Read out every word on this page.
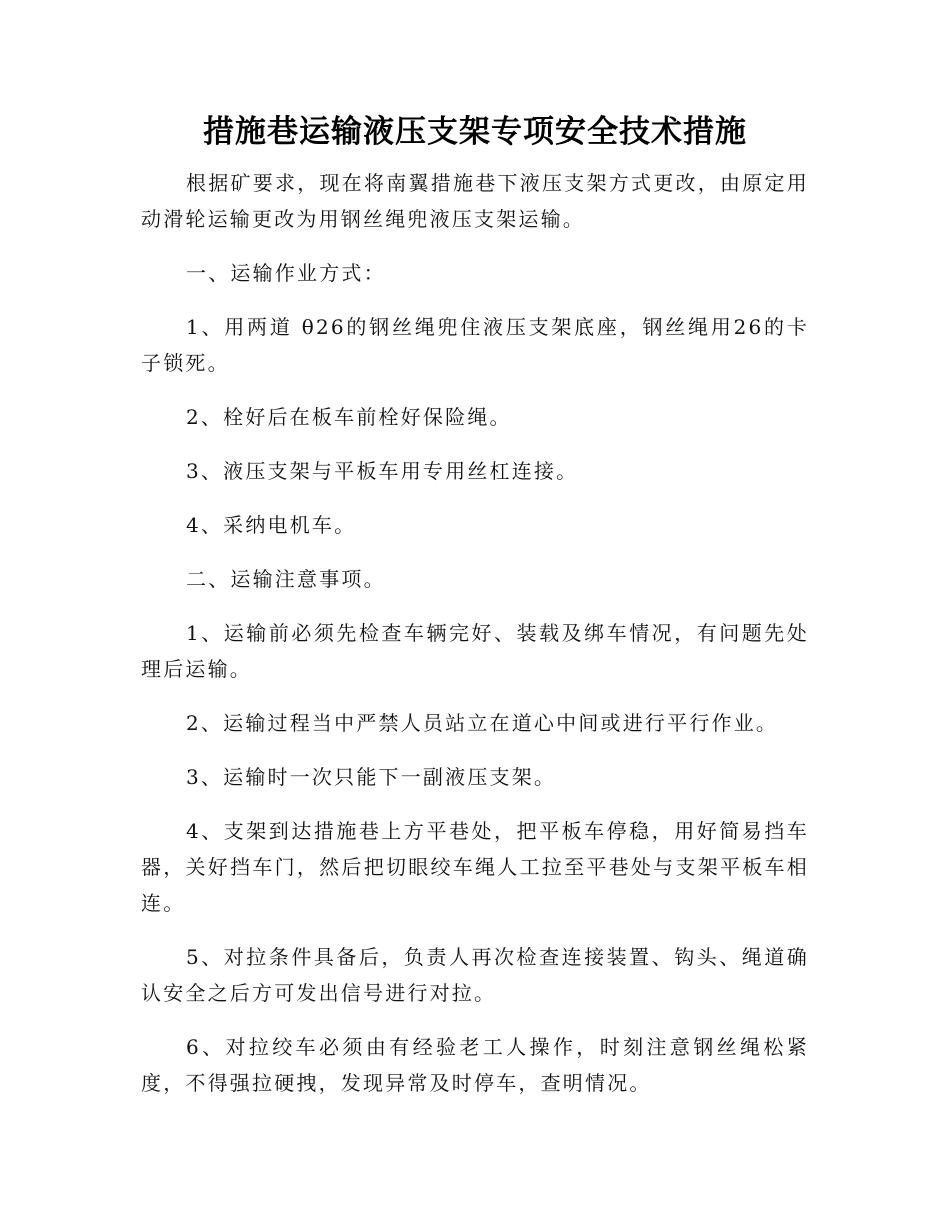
措施巷运输液压支架专项安全技术措施

根据矿要求，现在将南翼措施巷下液压支架方式更改，由原定用动滑轮运输更改为用钢丝绳兜液压支架运输。

一、运输作业方式：

1、用两道 θ26的钢丝绳兜住液压支架底座，钢丝绳用26的卡子锁死。

2、栓好后在板车前栓好保险绳。

3、液压支架与平板车用专用丝杠连接。

4、采纳电机车。

二、运输注意事项。

1、运输前必须先检查车辆完好、装载及绑车情况，有问题先处理后运输。

2、运输过程当中严禁人员站立在道心中间或进行平行作业。

3、运输时一次只能下一副液压支架。

4、支架到达措施巷上方平巷处，把平板车停稳，用好简易挡车器，关好挡车门，然后把切眼绞车绳人工拉至平巷处与支架平板车相连。

5、对拉条件具备后，负责人再次检查连接装置、钩头、绳道确认安全之后方可发出信号进行对拉。

6、对拉绞车必须由有经验老工人操作，时刻注意钢丝绳松紧度，不得强拉硬拽，发现异常及时停车，查明情况。
